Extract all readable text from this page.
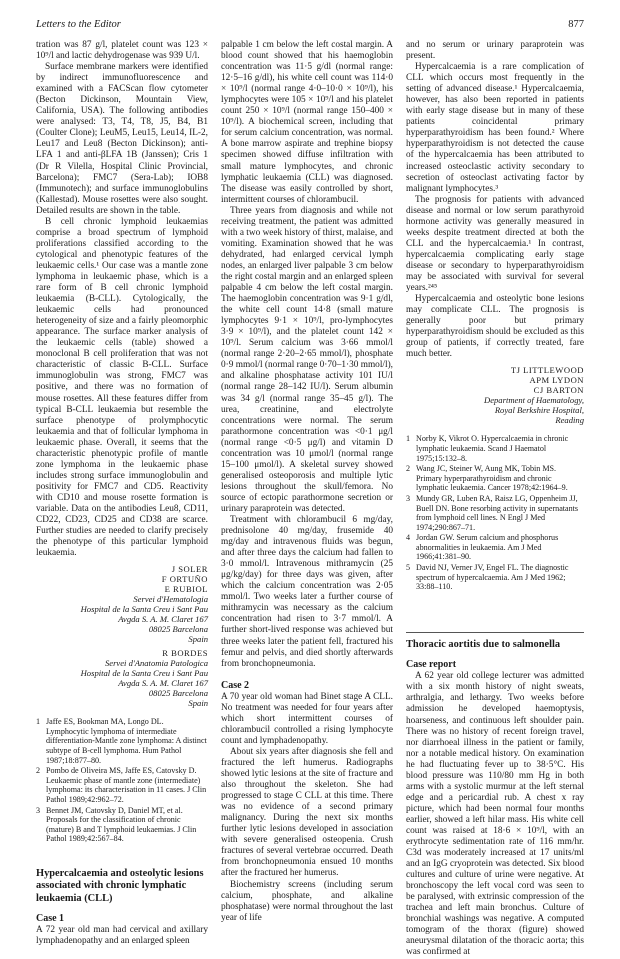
Letters to the Editor	877

tration was 87 g/l, platelet count was 123 × 10⁹/l and lactic dehydrogenase was 939 U/l.

Surface membrane markers were identified by indirect immunofluorescence and examined with a FACScan flow cytometer (Becton Dickinson, Mountain View, California, USA). The following antibodies were analysed: T3, T4, T8, J5, B4, B1 (Coulter Clone); LeuM5, Leu15, Leu14, IL-2, Leu17 and Leu8 (Becton Dickinson); anti-LFA 1 and anti-βLFA 1B (Janssen); Cris 1 (Dr R Vilella, Hospital Clinic Provincial, Barcelona); FMC7 (Sera-Lab); IOB8 (Immunotech); and surface immunoglobulins (Kallestad). Mouse rosettes were also sought. Detailed results are shown in the table.

B cell chronic lymphoid leukaemias comprise a broad spectrum of lymphoid proliferations classified according to the cytological and phenotypic features of the leukaemic cells.¹ Our case was a mantle zone lymphoma in leukaemic phase, which is a rare form of B cell chronic lymphoid leukaemia (B-CLL). Cytologically, the leukaemic cells had pronounced heterogeneity of size and a fairly pleomorphic appearance. The surface marker analysis of the leukaemic cells (table) showed a monoclonal B cell proliferation that was not characteristic of classic B-CLL. Surface immunoglobulin was strong, FMC7 was positive, and there was no formation of mouse rosettes. All these features differ from typical B-CLL leukaemia but resemble the surface phenotype of prolymphocytic leukaemia and that of follicular lymphoma in leukaemic phase. Overall, it seems that the characteristic phenotypic profile of mantle zone lymphoma in the leukaemic phase includes strong surface immunoglobulin and positivity for FMC7 and CD5. Reactivity with CD10 and mouse rosette formation is variable. Data on the antibodies Leu8, CD11, CD22, CD23, CD25 and CD38 are scarce. Further studies are needed to clarify precisely the phenotype of this particular lymphoid leukaemia.

J SOLER
F ORTUÑO
E RUBIOL
Servei d'Hematologia
Hospital de la Santa Creu i Sant Pau
Avgda S. A. M. Claret 167
08025 Barcelona
Spain
R BORDES
Servei d'Anatomia Patologica
Hospital de la Santa Creu i Sant Pau
Avgda S. A. M. Claret 167
08025 Barcelona
Spain
1 Jaffe ES, Bookman MA, Longo DL. Lymphocytic lymphoma of intermediate differentiation-Mantle zone lymphoma: A distinct subtype of B-cell lymphoma. Hum Pathol 1987;18:877–80.
2 Pombo de Oliveira MS, Jaffe ES, Catovsky D. Leukaemic phase of mantle zone (intermediate) lymphoma: its characterisation in 11 cases. J Clin Pathol 1989;42:962–72.
3 Bennet JM, Catovsky D, Daniel MT, et al. Proposals for the classification of chronic (mature) B and T lymphoid leukaemias. J Clin Pathol 1989;42:567–84.
Hypercalcaemia and osteolytic lesions associated with chronic lymphatic leukaemia (CLL)
Case 1

A 72 year old man had cervical and axillary lymphadenopathy and an enlarged spleen

palpable 1 cm below the left costal margin. A blood count showed that his haemoglobin concentration was 11·5 g/dl (normal range: 12·5–16 g/dl), his white cell count was 114·0 × 10⁹/l (normal range 4·0–10·0 × 10⁹/l), his lymphocytes were 105 × 10⁹/l and his platelet count 250 × 10⁹/l (normal range 150–400 × 10⁹/l). A biochemical screen, including that for serum calcium concentration, was normal. A bone marrow aspirate and trephine biopsy specimen showed diffuse infiltration with small mature lymphocytes, and chronic lymphatic leukaemia (CLL) was diagnosed. The disease was easily controlled by short, intermittent courses of chlorambucil.

Three years from diagnosis and while not receiving treatment, the patient was admitted with a two week history of thirst, malaise, and vomiting. Examination showed that he was dehydrated, had enlarged cervical lymph nodes, an enlarged liver palpable 3 cm below the right costal margin and an enlarged spleen palpable 4 cm below the left costal margin. The haemoglobin concentration was 9·1 g/dl, the white cell count 14·8 (small mature lymphocytes 9·1 × 10⁹/l, pro-lymphocytes 3·9 × 10⁹/l), and the platelet count 142 × 10⁹/l. Serum calcium was 3·66 mmol/l (normal range 2·20–2·65 mmol/l), phosphate 0·9 mmol/l (normal range 0·70–1·30 mmol/l), and alkaline phosphatase activity 101 IU/l (normal range 28–142 IU/l). Serum albumin was 34 g/l (normal range 35–45 g/l). The urea, creatinine, and electrolyte concentrations were normal. The serum parathormone concentration was <0·1 μg/l (normal range <0·5 μg/l) and vitamin D concentration was 10 μmol/l (normal range 15–100 μmol/l). A skeletal survey showed generalised osteoporosis and multiple lytic lesions throughout the skull/femora. No source of ectopic parathormone secretion or urinary paraprotein was detected.

Treatment with chlorambucil 6 mg/day, prednisolone 40 mg/day, frusemide 40 mg/day and intravenous fluids was begun, and after three days the calcium had fallen to 3·0 mmol/l. Intravenous mithramycin (25 μg/kg/day) for three days was given, after which the calcium concentration was 2·05 mmol/l. Two weeks later a further course of mithramycin was necessary as the calcium concentration had risen to 3·7 mmol/l. A further short-lived response was achieved but three weeks later the patient fell, fractured his femur and pelvis, and died shortly afterwards from bronchopneumonia.

Case 2

A 70 year old woman had Binet stage A CLL. No treatment was needed for four years after which short intermittent courses of chlorambucil controlled a rising lymphocyte count and lymphadenopathy.

About six years after diagnosis she fell and fractured the left humerus. Radiographs showed lytic lesions at the site of fracture and also throughout the skeleton. She had progressed to stage C CLL at this time. There was no evidence of a second primary malignancy. During the next six months further lytic lesions developed in association with severe generalised osteopenia. Crush fractures of several vertebrae occurred. Death from bronchopneumonia ensued 10 months after the fractured her humerus.

Biochemistry screens (including serum calcium, phosphate, and alkaline phosphatase) were normal throughout the last year of life

and no serum or urinary paraprotein was present.

Hypercalcaemia is a rare complication of CLL which occurs most frequently in the setting of advanced disease.¹ Hypercalcaemia, however, has also been reported in patients with early stage disease but in many of these patients coincidental primary hyperparathyroidism has been found.² Where hyperparathyroidism is not detected the cause of the hypercalcaemia has been attributed to increased osteoclastic activity secondary to secretion of osteoclast activating factor by malignant lymphocytes.³

The prognosis for patients with advanced disease and normal or low serum parathyroid hormone activity was generally measured in weeks despite treatment directed at both the CLL and the hypercalcaemia.¹ In contrast, hypercalcaemia complicating early stage disease or secondary to hyperparathyroidism may be associated with survival for several years.²⁴⁵

Hypercalcaemia and osteolytic bone lesions may complicate CLL. The prognosis is generally poor but primary hyperparathyroidism should be excluded as this group of patients, if correctly treated, fare much better.

TJ LITTLEWOOD
APM LYDON
CJ BARTON
Department of Haematology,
Royal Berkshire Hospital,
Reading
1 Norby K, Vikrot O. Hypercalcaemia in chronic lymphatic leukaemia. Scand J Haematol 1975;15:132–8.
2 Wang JC, Steiner W, Aung MK, Tobin MS. Primary hyperparathyroidism and chronic lymphatic leukaemia. Cancer 1978;42:1964–9.
3 Mundy GR, Luben RA, Raisz LG, Oppenheim JJ, Buell DN. Bone resorbing activity in supernatants from lymphoid cell lines. N Engl J Med 1974;290:867–71.
4 Jordan GW. Serum calcium and phosphorus abnormalities in leukaemia. Am J Med 1966;41:381–90.
5 David NJ, Verner JV, Engel FL. The diagnostic spectrum of hypercalcaemia. Am J Med 1962; 33:88–110.
Thoracic aortitis due to salmonella
Case report

A 62 year old college lecturer was admitted with a six month history of night sweats, arthralgia, and lethargy. Two weeks before admission he developed haemoptysis, hoarseness, and continuous left shoulder pain. There was no history of recent foreign travel, nor diarrhoeal illness in the patient or family, nor a notable medical history. On examination he had fluctuating fever up to 38·5°C. His blood pressure was 110/80 mm Hg in both arms with a systolic murmur at the left sternal edge and a pericardial rub. A chest x ray picture, which had been normal four months earlier, showed a left hilar mass. His white cell count was raised at 18·6 × 10⁹/l, with an erythrocyte sedimentation rate of 116 mm/hr. C3d was moderately increased at 17 units/ml and an IgG cryoprotein was detected. Six blood cultures and culture of urine were negative. At bronchoscopy the left vocal cord was seen to be paralysed, with extrinsic compression of the trachea and left main bronchus. Culture of bronchial washings was negative. A computed tomogram of the thorax (figure) showed aneurysmal dilatation of the thoracic aorta; this was confirmed at
